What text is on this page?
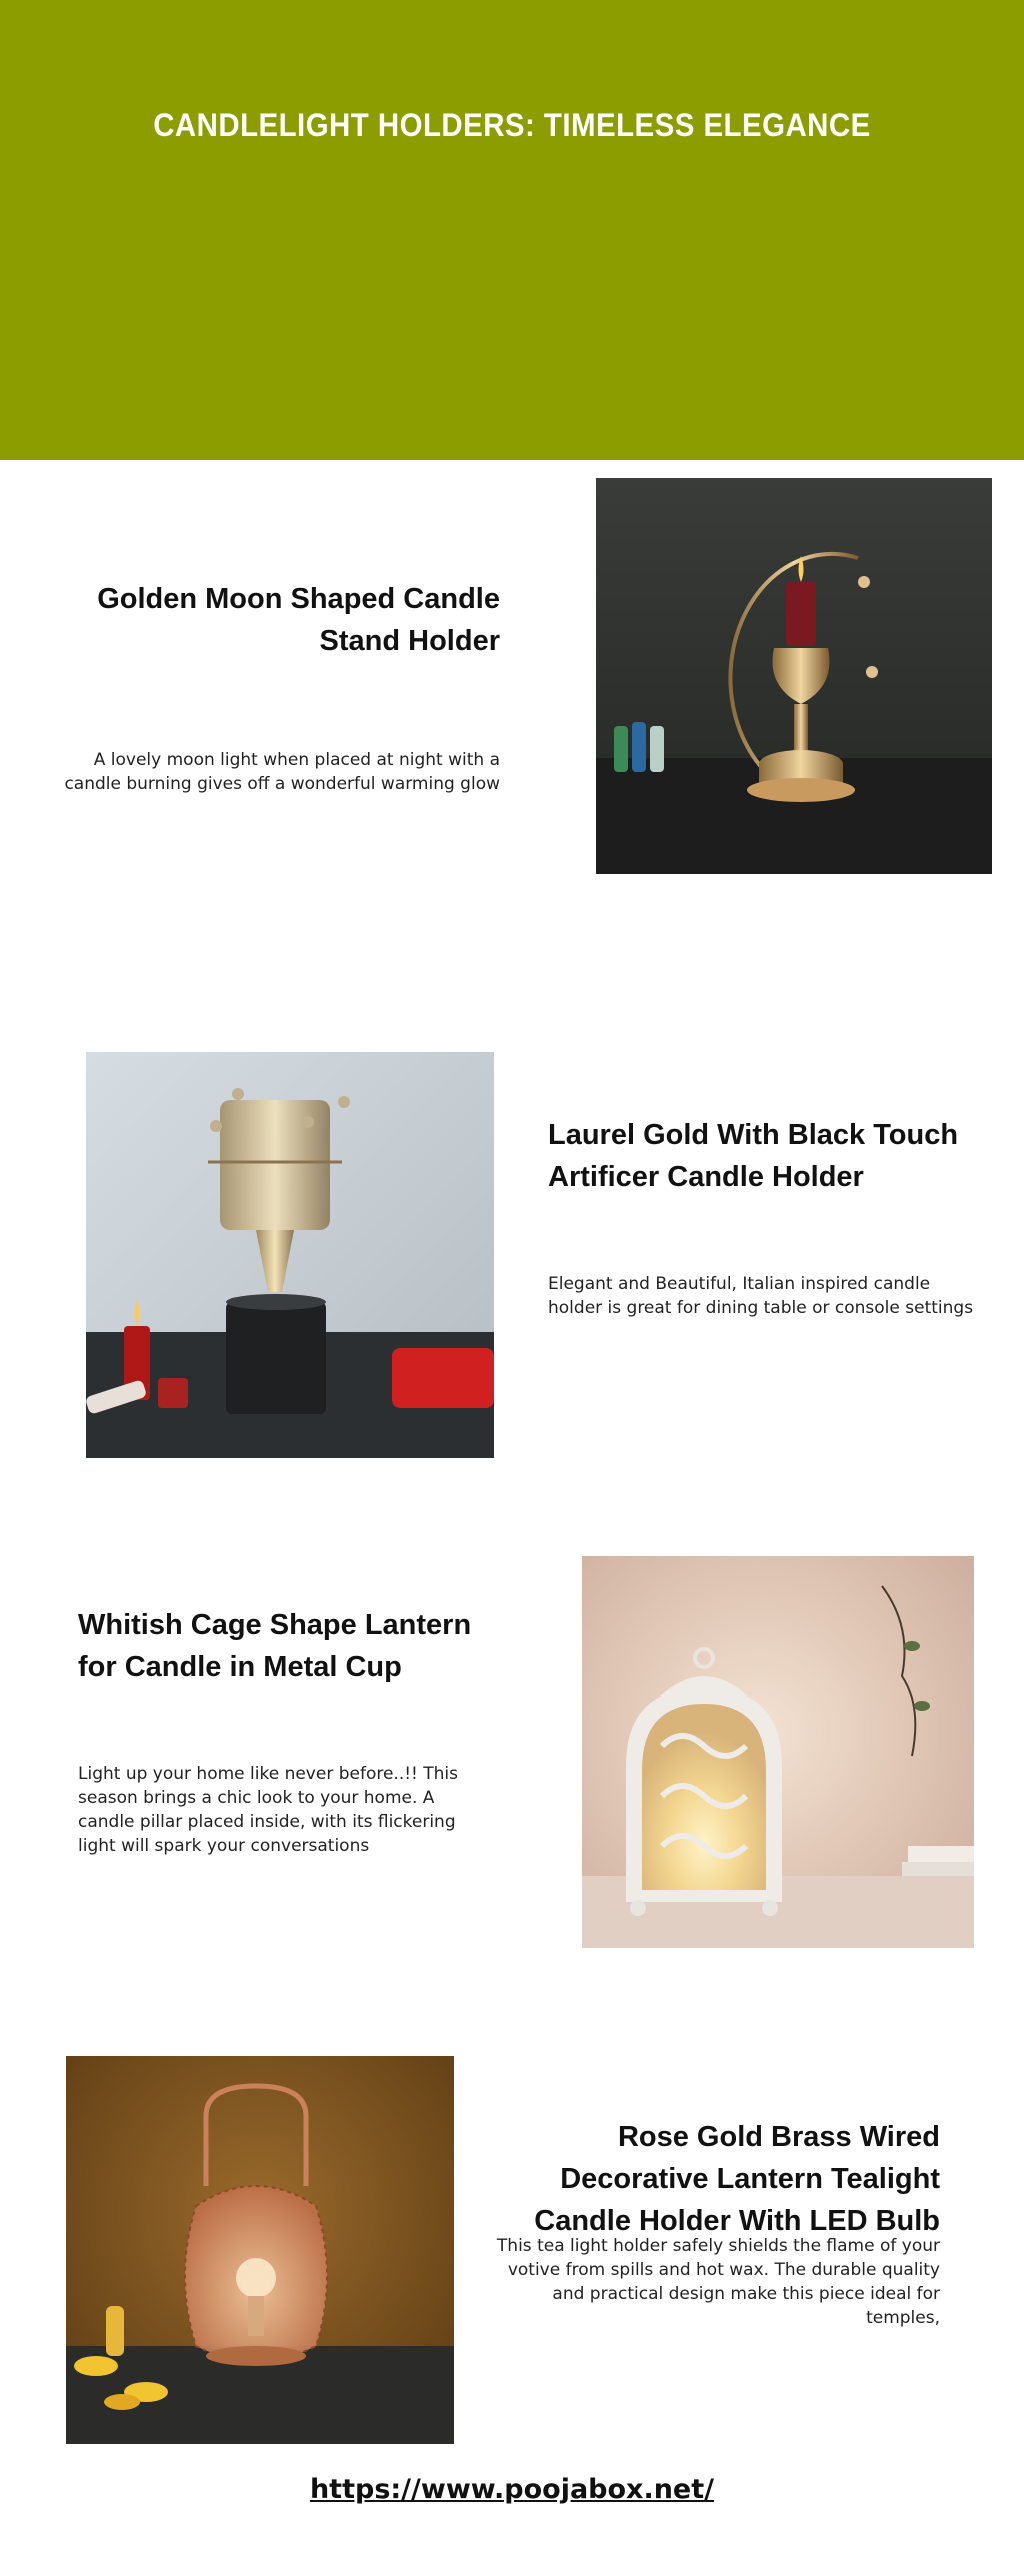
CANDLELIGHT HOLDERS: TIMELESS ELEGANCE
Golden Moon Shaped Candle Stand Holder

A lovely moon light when placed at night with a candle burning gives off a wonderful warming glow

Laurel Gold With Black Touch Artificer Candle Holder

Elegant and Beautiful, Italian inspired candle holder is great for dining table or console settings

Whitish Cage Shape Lantern for Candle in Metal Cup

Light up your home like never before..!! This season brings a chic look to your home. A candle pillar placed inside, with its flickering light will spark your conversations

Rose Gold Brass Wired Decorative Lantern Tealight Candle Holder With LED Bulb

This tea light holder safely shields the flame of your votive from spills and hot wax. The durable quality and practical design make this piece ideal for temples,

https://www.poojabox.net/
